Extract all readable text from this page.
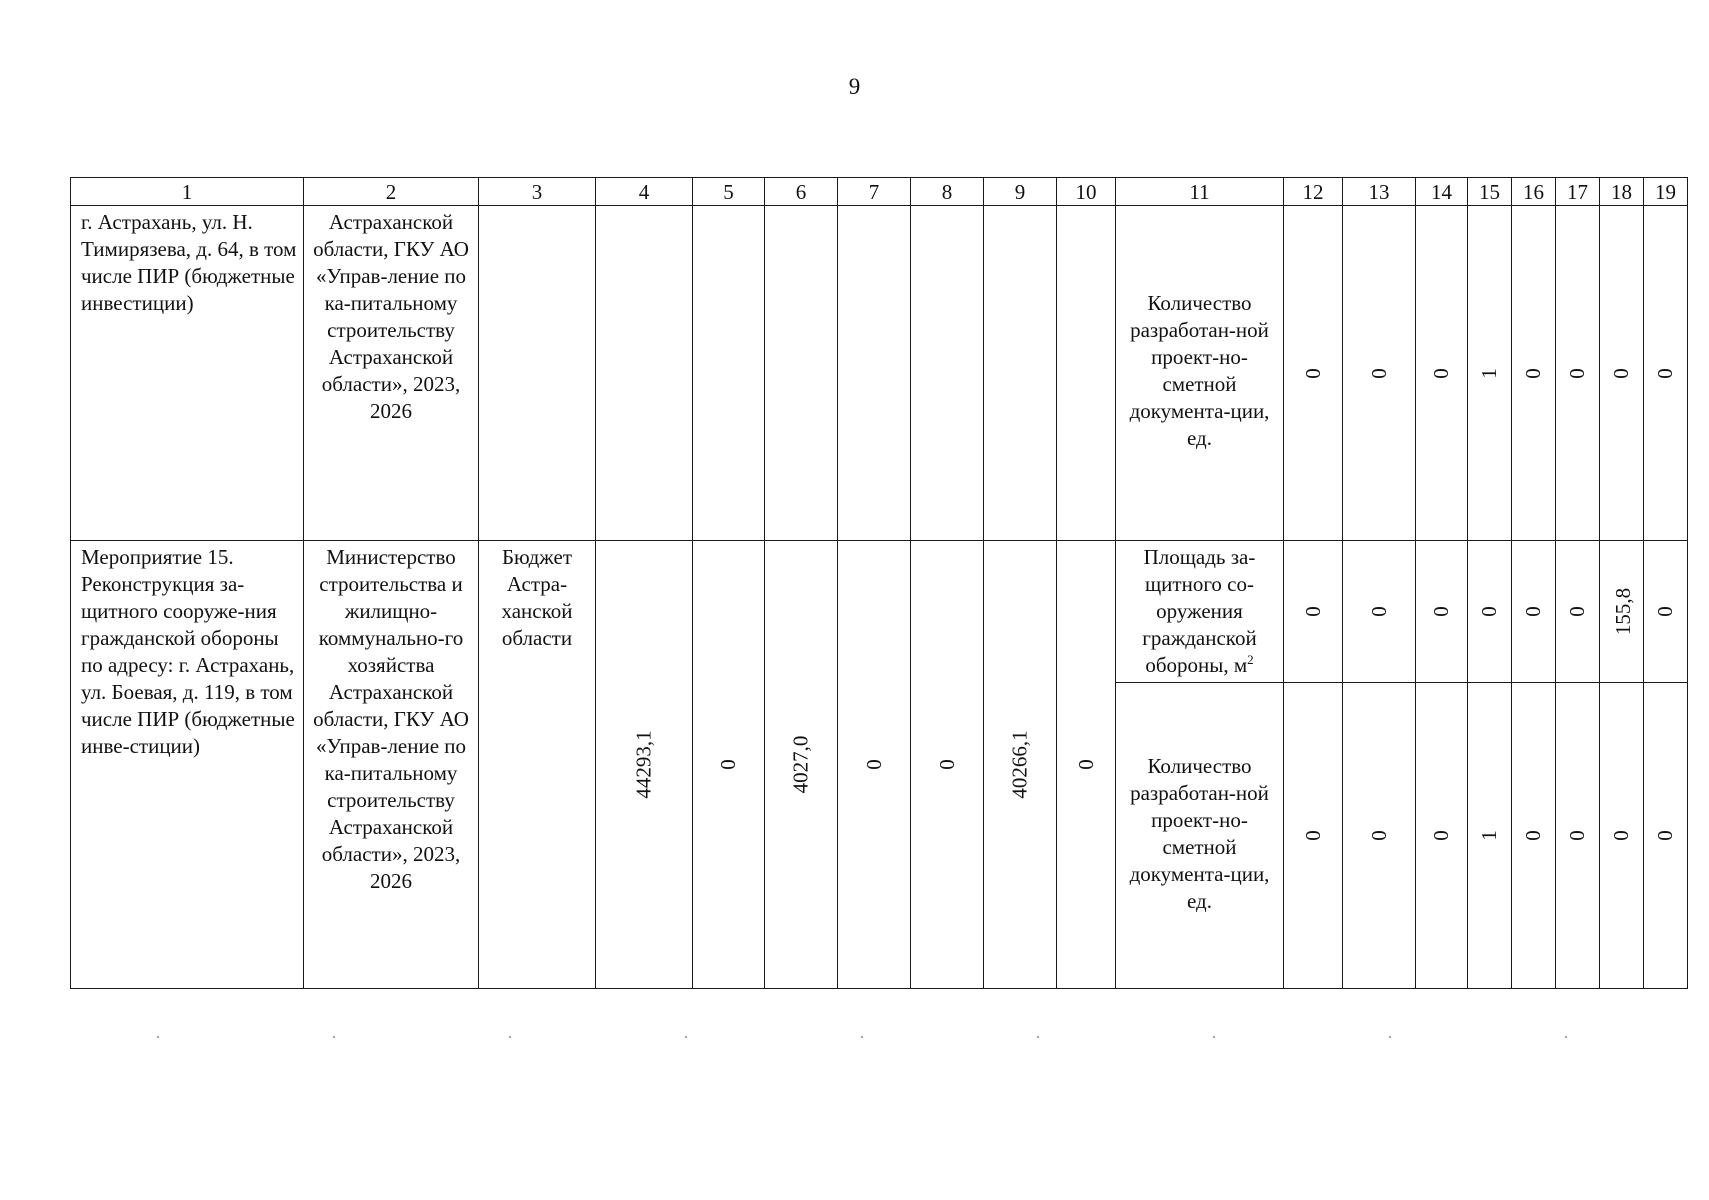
9
1	2	3	4	5	6	7	8	9	10	11	12	13	14	15	16	17	18	19
г. Астрахань, ул. Н. Тимирязева, д. 64, в том числе ПИР (бюджетные инвестиции)	Астраханской области, ГКУ АО «Управ-ление по ка-питальному строительству Астраханской области», 2023, 2026									Количество разработан-ной проект-но-сметной документа-ции, ед.	0	0	0	1	0	0	0	0
Мероприятие 15. Реконструкция за-щитного сооруже-ния гражданской обороны по адресу: г. Астрахань, ул. Боевая, д. 119, в том числе ПИР (бюджетные инве-стиции)	Министерство строительства и жилищно-коммунально-го хозяйства Астраханской области, ГКУ АО «Управ-ление по ка-питальному строительству Астраханской области», 2023, 2026	Бюджет Астра-ханской области	44293,1	0	4027,0	0	0	40266,1	0	Площадь за-щитного со-оружения гражданской обороны, $м^2$	0	0	0	0	0	0	155,8	0
										Количество разработан-ной проект-но-сметной документа-ции, ед.	0	0	0	1	0	0	0	0
